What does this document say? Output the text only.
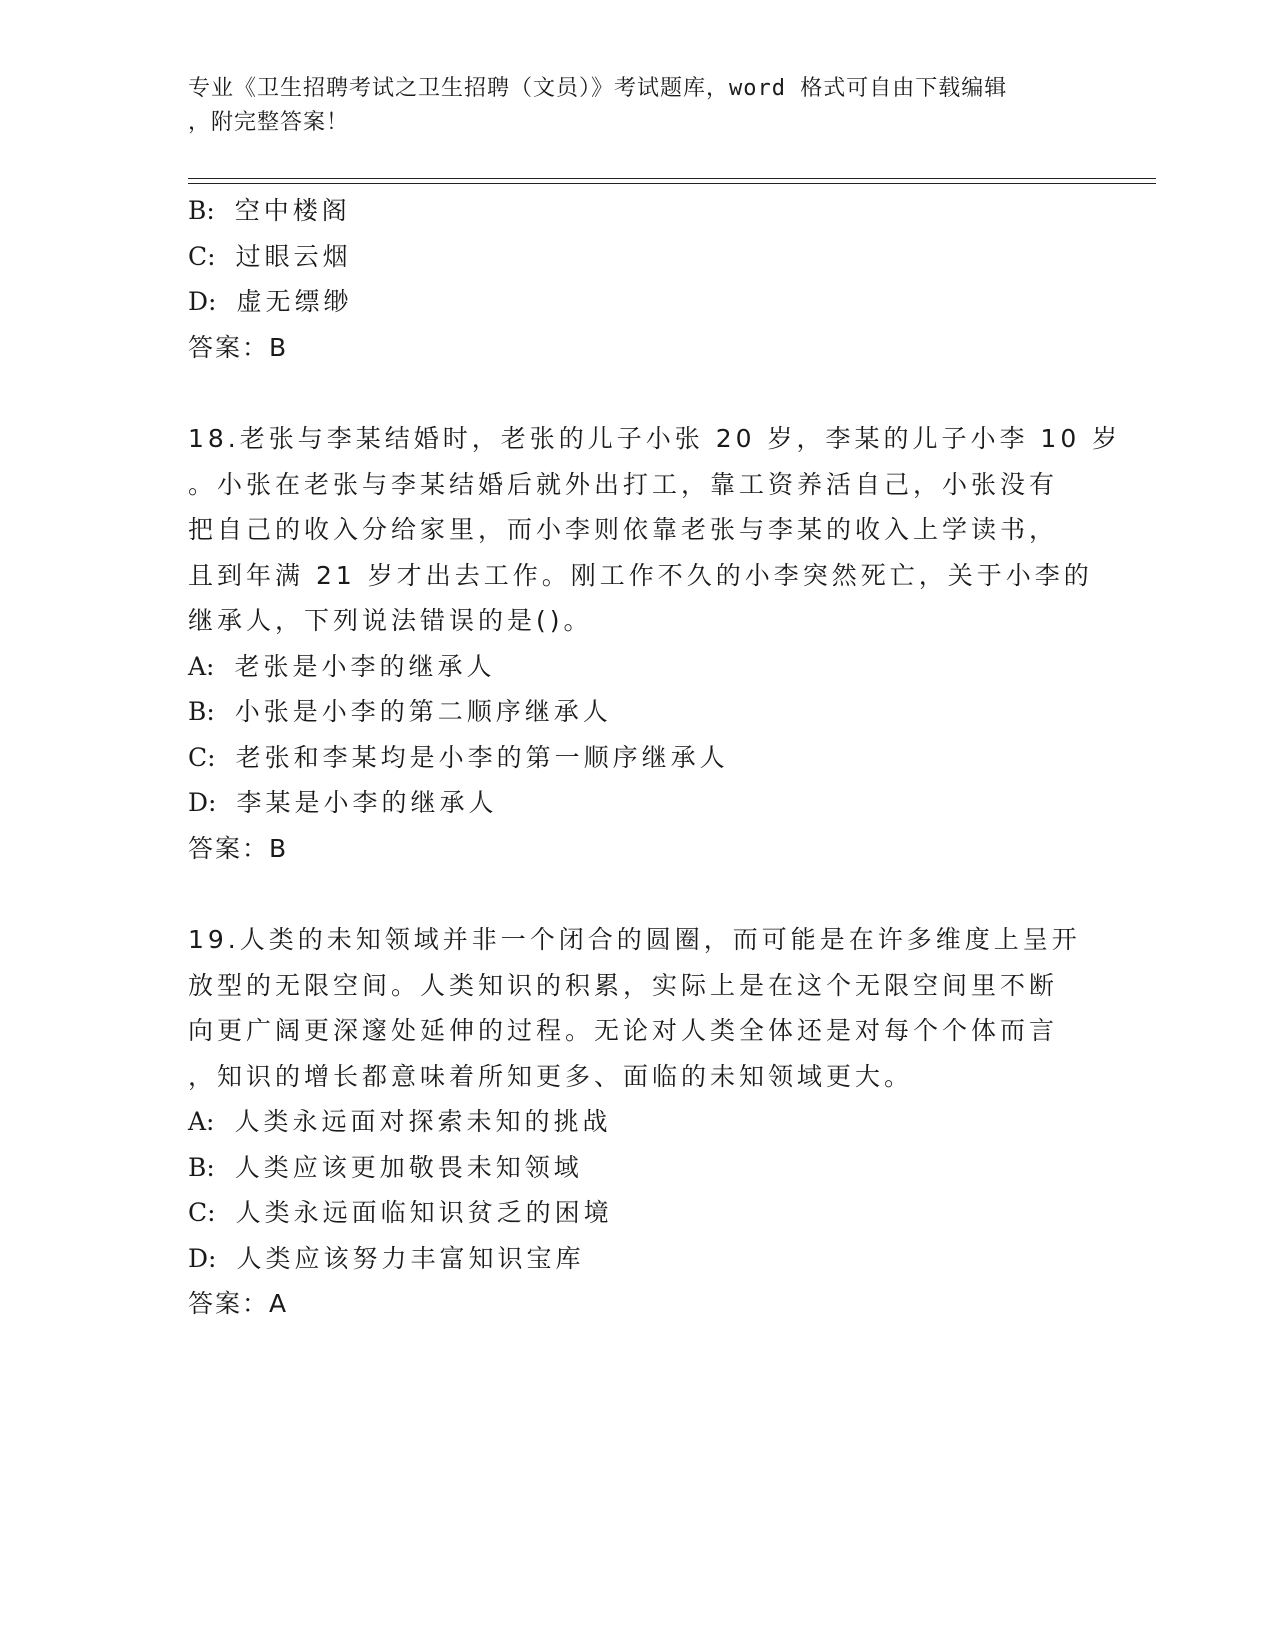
专业《卫生招聘考试之卫生招聘（文员）》考试题库，word 格式可自由下载编辑
，附完整答案！

B: 空中楼阁

C: 过眼云烟

D: 虚无缥缈

答案：B

18.老张与李某结婚时，老张的儿子小张 20 岁，李某的儿子小李 10 岁

。小张在老张与李某结婚后就外出打工，靠工资养活自己，小张没有

把自己的收入分给家里，而小李则依靠老张与李某的收入上学读书，

且到年满 21 岁才出去工作。刚工作不久的小李突然死亡，关于小李的

继承人，下列说法错误的是()。

A: 老张是小李的继承人

B: 小张是小李的第二顺序继承人

C: 老张和李某均是小李的第一顺序继承人

D: 李某是小李的继承人

答案：B

19.人类的未知领域并非一个闭合的圆圈，而可能是在许多维度上呈开

放型的无限空间。人类知识的积累，实际上是在这个无限空间里不断

向更广阔更深邃处延伸的过程。无论对人类全体还是对每个个体而言

，知识的增长都意味着所知更多、面临的未知领域更大。

A: 人类永远面对探索未知的挑战

B: 人类应该更加敬畏未知领域

C: 人类永远面临知识贫乏的困境

D: 人类应该努力丰富知识宝库

答案：A
